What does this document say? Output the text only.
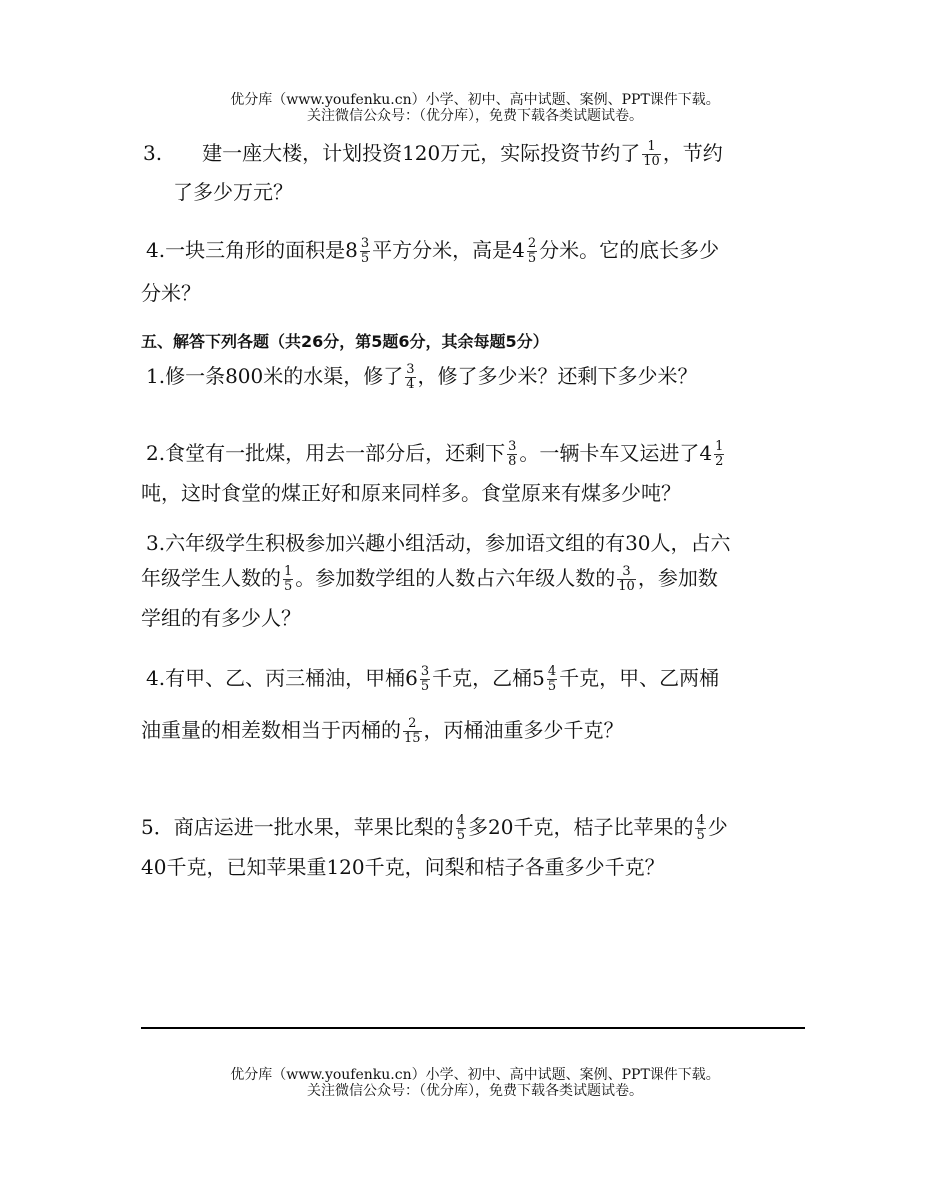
优分库（www.youfenku.cn）小学、初中、高中试题、案例、PPT课件下载。
关注微信公众号：（优分库），免费下载各类试题试卷。
3.　　建一座大楼，计划投资120万元，实际投资节约了 $\frac{1}{10}$ ，节约
了多少万元？
4.一块三角形的面积是$8 \frac{3}{5}$ 平方分米，高是$4 \frac{2}{5}$ 分米。它的底长多少
分米？
五、解答下列各题（共26分，第5题6分，其余每题5分）
1.修一条800米的水渠，修了 $\frac{3}{4}$ ，修了多少米？还剩下多少米？
2.食堂有一批煤，用去一部分后，还剩下 $\frac{3}{8}$ 。一辆卡车又运进了$4 \frac{1}{2}$
吨，这时食堂的煤正好和原来同样多。食堂原来有煤多少吨？
3.六年级学生积极参加兴趣小组活动，参加语文组的有30人，占六
年级学生人数的 $\frac{1}{5}$ 。参加数学组的人数占六年级人数的 $\frac{3}{10}$ ，参加数
学组的有多少人？
4.有甲、乙、丙三桶油，甲桶$6 \frac{3}{5}$ 千克，乙桶$5 \frac{4}{5}$ 千克，甲、乙两桶
油重量的相差数相当于丙桶的 $\frac{2}{15}$ ，丙桶油重多少千克？
5．商店运进一批水果，苹果比梨的 $\frac{4}{5}$ 多20千克，桔子比苹果的 $\frac{4}{5}$ 少
40千克，已知苹果重120千克，问梨和桔子各重多少千克？
优分库（www.youfenku.cn）小学、初中、高中试题、案例、PPT课件下载。
关注微信公众号：（优分库），免费下载各类试题试卷。
